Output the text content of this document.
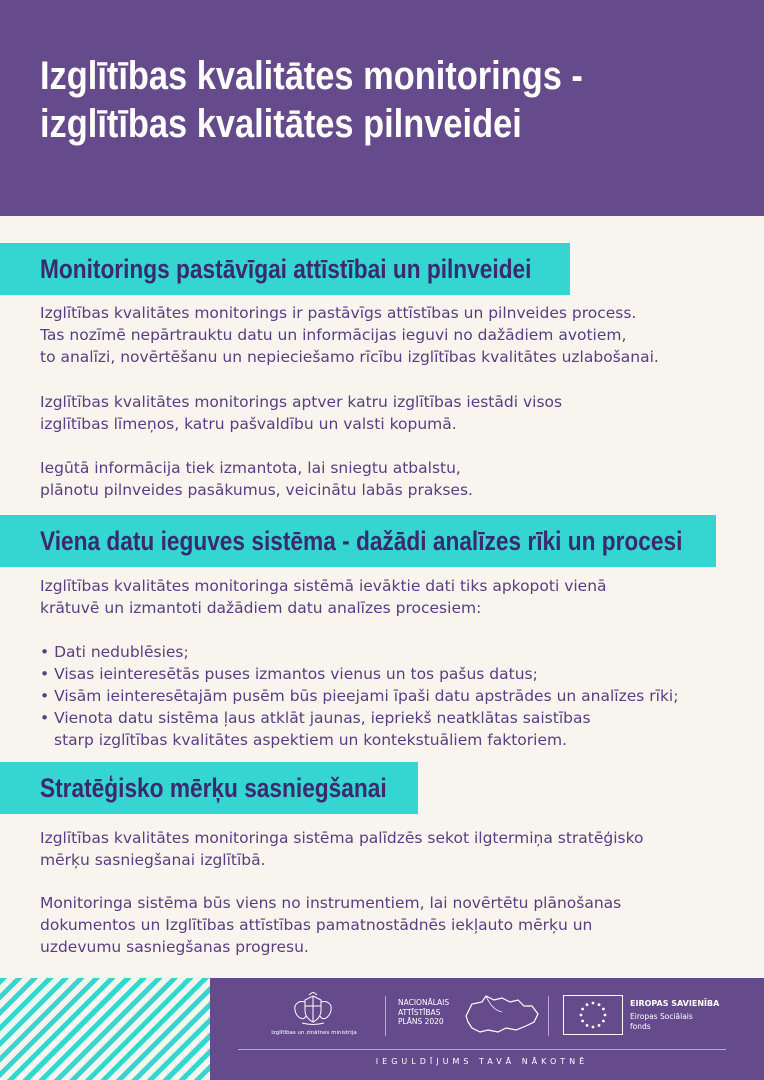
Izglītības kvalitātes monitorings -
izglītības kvalitātes pilnveidei
Monitorings pastāvīgai attīstībai un pilnveidei
Izglītības kvalitātes monitorings ir pastāvīgs attīstības un pilnveides process.
Tas nozīmē nepārtrauktu datu un informācijas ieguvi no dažādiem avotiem,
to analīzi, novērtēšanu un nepieciešamo rīcību izglītības kvalitātes uzlabošanai.
Izglītības kvalitātes monitorings aptver katru izglītības iestādi visos
izglītības līmeņos, katru pašvaldību un valsti kopumā.
Iegūtā informācija tiek izmantota, lai sniegtu atbalstu,
plānotu pilnveides pasākumus, veicinātu labās prakses.
Viena datu ieguves sistēma - dažādi analīzes rīki un procesi
Izglītības kvalitātes monitoringa sistēmā ievāktie dati tiks apkopoti vienā
krātuvē un izmantoti dažādiem datu analīzes procesiem:
• Dati nedublēsies;
• Visas ieinteresētās puses izmantos vienus un tos pašus datus;
• Visām ieinteresētajām pusēm būs pieejami īpaši datu apstrādes un analīzes rīki;
• Vienota datu sistēma ļaus atklāt jaunas, iepriekš neatklātas saistības
starp izglītības kvalitātes aspektiem un kontekstuāliem faktoriem.
Stratēģisko mērķu sasniegšanai
Izglītības kvalitātes monitoringa sistēma palīdzēs sekot ilgtermiņa stratēģisko
mērķu sasniegšanai izglītībā.
Monitoringa sistēma būs viens no instrumentiem, lai novērtētu plānošanas
dokumentos un Izglītības attīstības pamatnostādnēs iekļauto mērķu un
uzdevumu sasniegšanas progresu.
Izglītības un zinātnes ministrija
NACIONĀLAIS
ATTĪSTĪBAS
PLĀNS 2020
EIROPAS SAVIENĪBA
Eiropas Sociālais fonds
IEGULDĪJUMS TAVĀ NĀKOTNĒ
